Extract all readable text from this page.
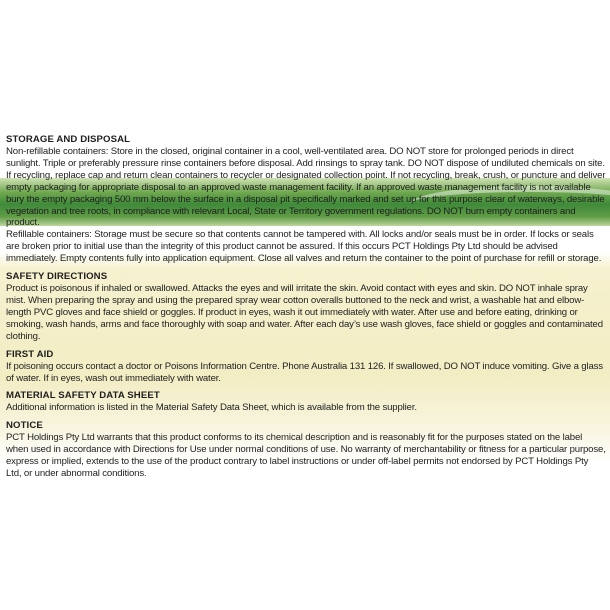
STORAGE AND DISPOSAL

Non-refillable containers: Store in the closed, original container in a cool, well-ventilated area. DO NOT store for prolonged periods in direct sunlight. Triple or preferably pressure rinse containers before disposal. Add rinsings to spray tank. DO NOT dispose of undiluted chemicals on site. If recycling, replace cap and return clean containers to recycler or designated collection point. If not recycling, break, crush, or puncture and deliver empty packaging for appropriate disposal to an approved waste management facility. If an approved waste management facility is not available bury the empty packaging 500 mm below the surface in a disposal pit specifically marked and set up for this purpose clear of waterways, desirable vegetation and tree roots, in compliance with relevant Local, State or Territory government regulations. DO NOT burn empty containers and product.

Refillable containers: Storage must be secure so that contents cannot be tampered with. All locks and/or seals must be in order. If locks or seals are broken prior to initial use than the integrity of this product cannot be assured. If this occurs PCT Holdings Pty Ltd should be advised immediately. Empty contents fully into application equipment. Close all valves and return the container to the point of purchase for refill or storage.

SAFETY DIRECTIONS

Product is poisonous if inhaled or swallowed. Attacks the eyes and will irritate the skin. Avoid contact with eyes and skin. DO NOT inhale spray mist. When preparing the spray and using the prepared spray wear cotton overalls buttoned to the neck and wrist, a washable hat and elbow-length PVC gloves and face shield or goggles. If product in eyes, wash it out immediately with water. After use and before eating, drinking or smoking, wash hands, arms and face thoroughly with soap and water. After each day’s use wash gloves, face shield or goggles and contaminated clothing.

FIRST AID

If poisoning occurs contact a doctor or Poisons Information Centre. Phone Australia 131 126. If swallowed, DO NOT induce vomiting. Give a glass of water. If in eyes, wash out immediately with water.

MATERIAL SAFETY DATA SHEET

Additional information is listed in the Material Safety Data Sheet, which is available from the supplier.

NOTICE

PCT Holdings Pty Ltd warrants that this product conforms to its chemical description and is reasonably fit for the purposes stated on the label when used in accordance with Directions for Use under normal conditions of use. No warranty of merchantability or fitness for a particular purpose, express or implied, extends to the use of the product contrary to label instructions or under off-label permits not endorsed by PCT Holdings Pty Ltd, or under abnormal conditions.
